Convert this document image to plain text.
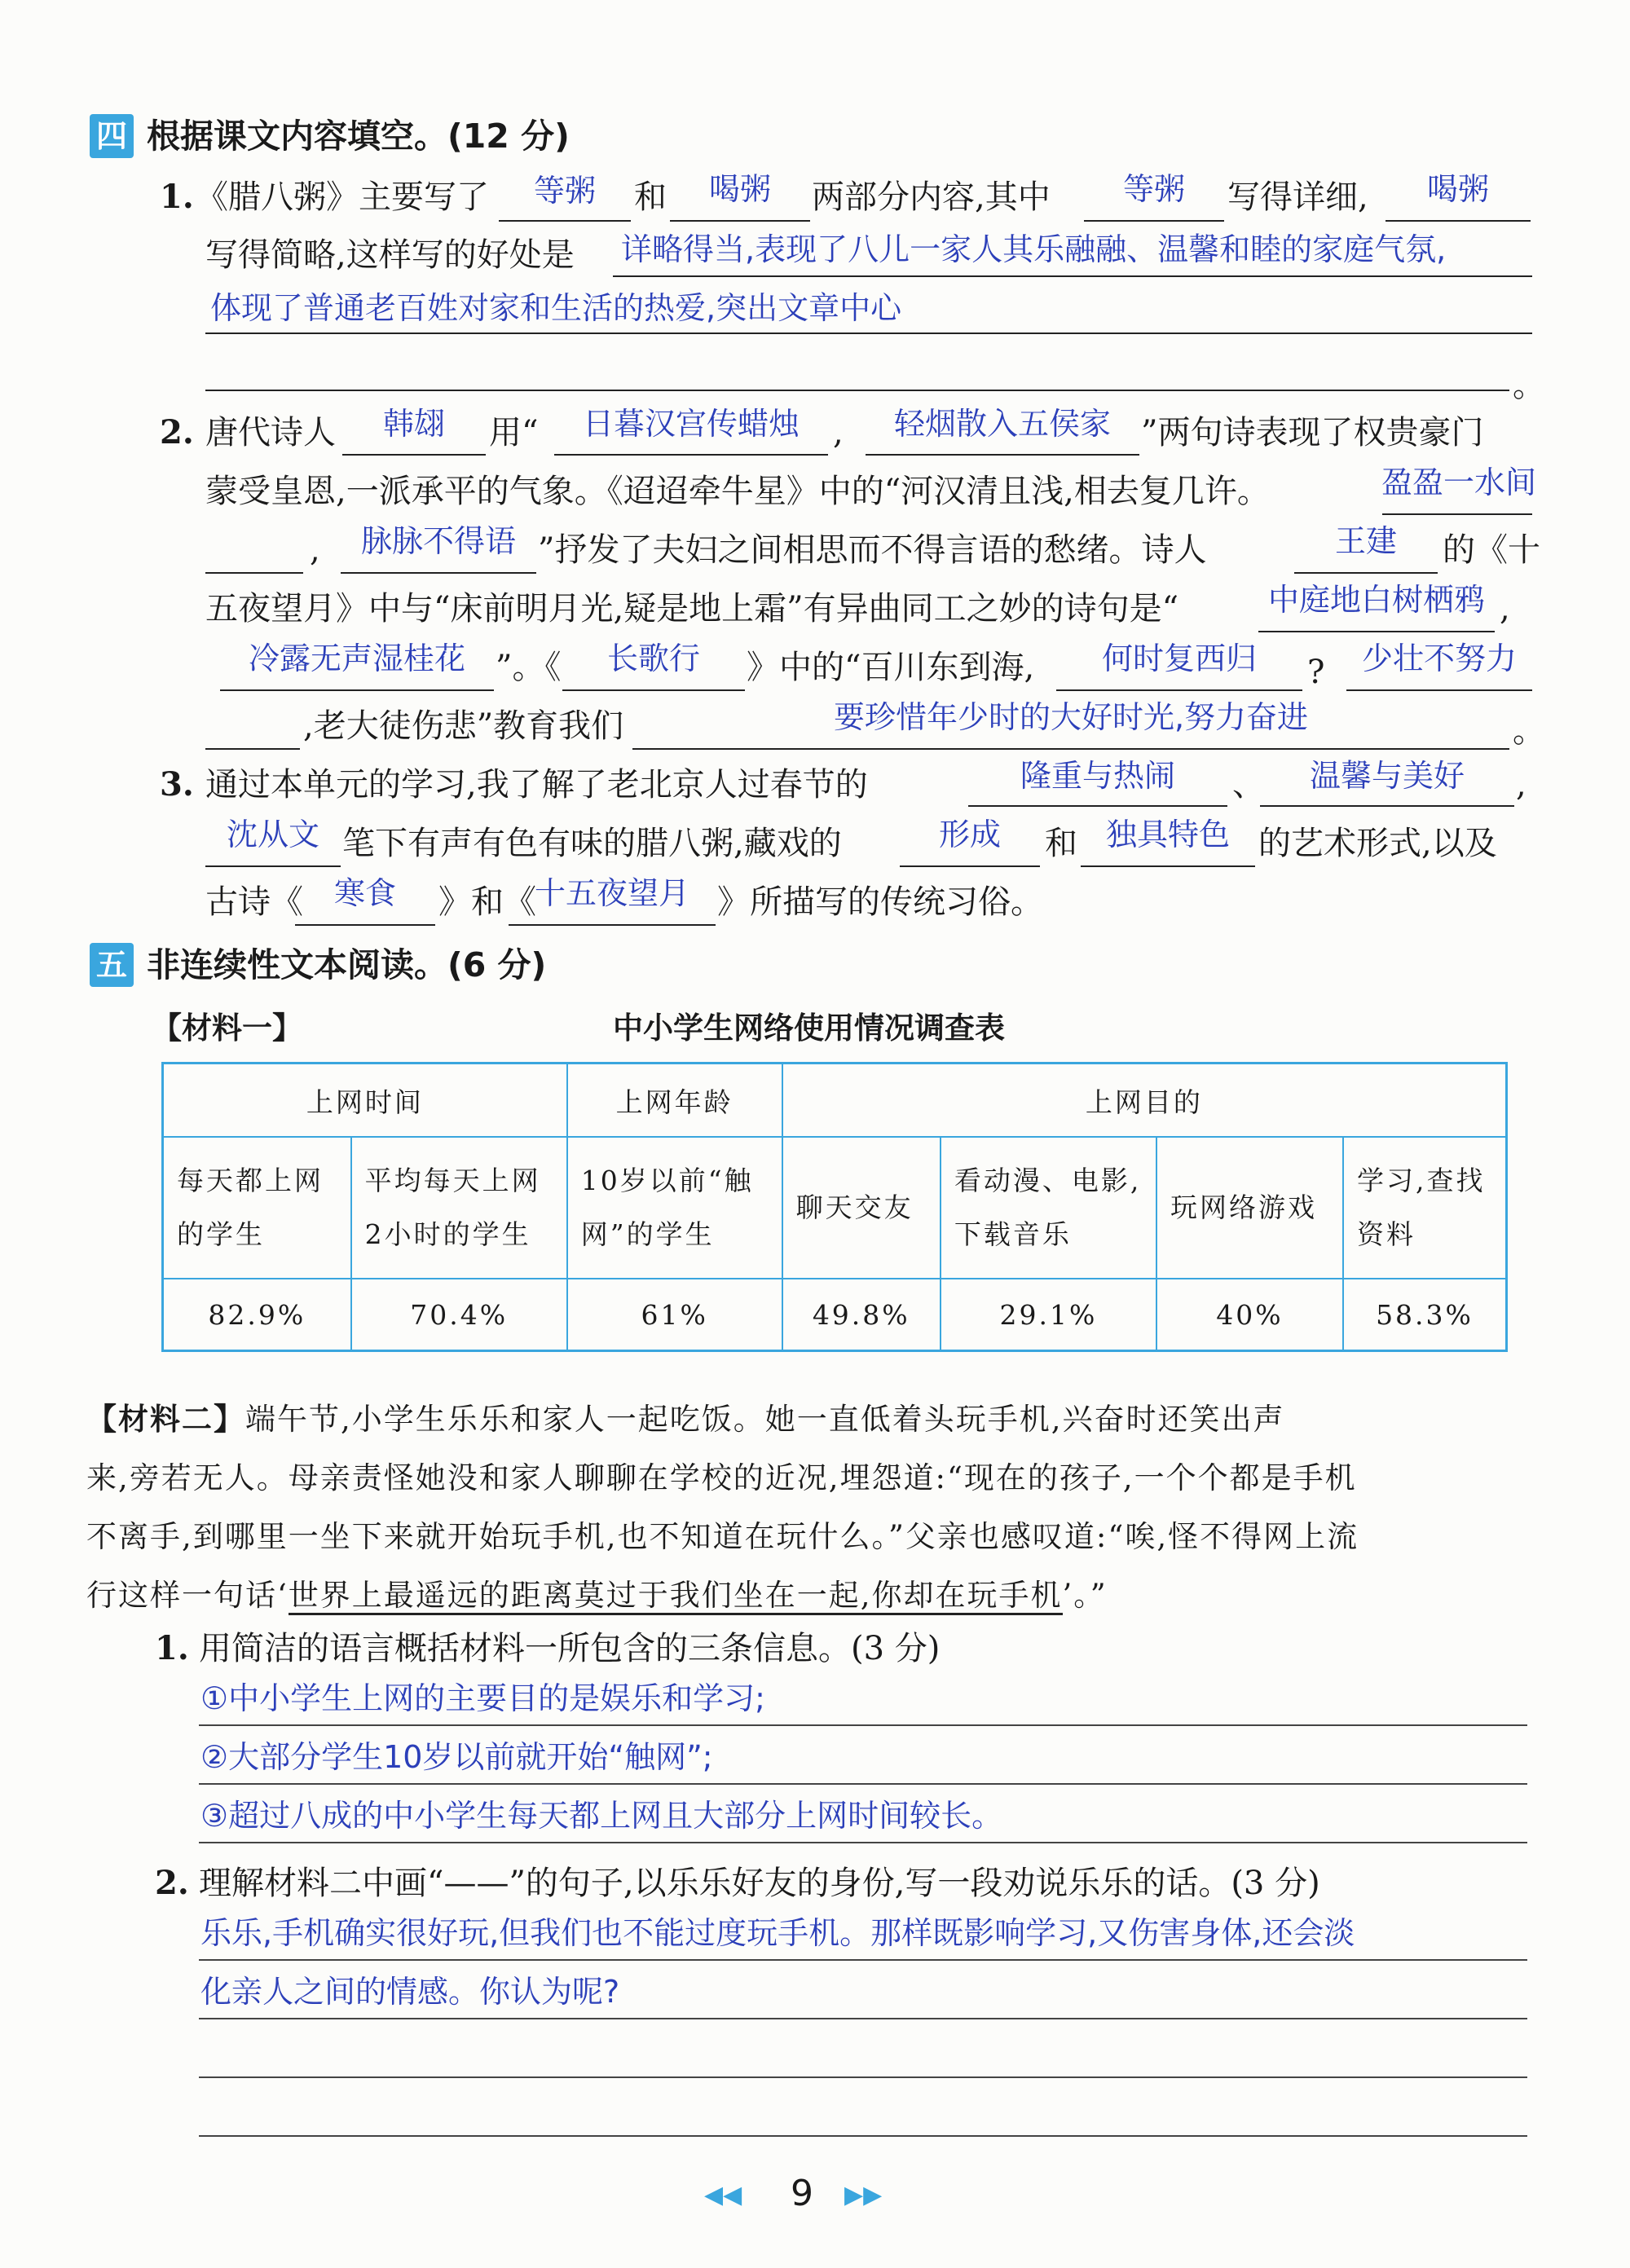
四 根据课文内容填空。(12 分)
1. 《腊八粥》主要写了	等粥	和	喝粥	两部分内容,其中	等粥	写得详细,	喝粥
写得简略,这样写的好处是 详略得当,表现了八儿一家人其乐融融、温馨和睦的家庭气氛,
体现了普通老百姓对家和生活的热爱,突出文章中心
。
2. 唐代诗人	韩翃	用“	日暮汉宫传蜡烛	,	轻烟散入五侯家 ”两句诗表现了权贵豪门
蒙受皇恩,一派承平的气象。《迢迢牵牛星》中的“河汉清且浅,相去复几许。	盈盈一水间
,	脉脉不得语 ”抒发了夫妇之间相思而不得言语的愁绪。诗人	王建	的《十
五夜望月》中与“床前明月光,疑是地上霜”有异曲同工之妙的诗句是“	中庭地白树栖鸦 ,
冷露无声湿桂花 ”。《	长歌行	》中的“百川东到海,	何时复西归	?	少壮不努力
,老大徒伤悲”教育我们	要珍惜年少时的大好时光,努力奋进	。
3. 通过本单元的学习,我了解了老北京人过春节的	隆重与热闹	、	温馨与美好	,
沈从文 笔下有声有色有味的腊八粥,藏戏的	形成	和 独具特色 的艺术形式,以及
古诗《 寒食	》和《
十五夜望月 》所描写的传统习俗。
五 非连续性文本阅读。(6 分)
【材料一】	中小学生网络使用情况调查表
上网时间		上网年龄	上网目的			
每天都上网的学生	平均每天上网2小时的学生	10岁以前“触网”的学生	聊天交友	看动漫、电影,下载音乐	玩网络游戏	学习,查找资料
82.9%	70.4%	61%	49.8%	29.1%	40%	58.3%
【材料二】端午节,小学生乐乐和家人一起吃饭。她一直低着头玩手机,兴奋时还笑出声
来,旁若无人。母亲责怪她没和家人聊聊在学校的近况,埋怨道:“现在的孩子,一个个都是手机
不离手,到哪里一坐下来就开始玩手机,也不知道在玩什么。”父亲也感叹道:“唉,怪不得网上流
行这样一句话‘世界上最遥远的距离莫过于我们坐在一起,你却在玩手机’。”
1. 用简洁的语言概括材料一所包含的三条信息。(3 分)
①中小学生上网的主要目的是娱乐和学习;
②大部分学生10岁以前就开始“触网”;
③超过八成的中小学生每天都上网且大部分上网时间较长。
2. 理解材料二中画“——”的句子,以乐乐好友的身份,写一段劝说乐乐的话。(3 分)
乐乐,手机确实很好玩,但我们也不能过度玩手机。那样既影响学习,又伤害身体,还会淡
化亲人之间的情感。你认为呢?
◀◀ 9 ▶▶
